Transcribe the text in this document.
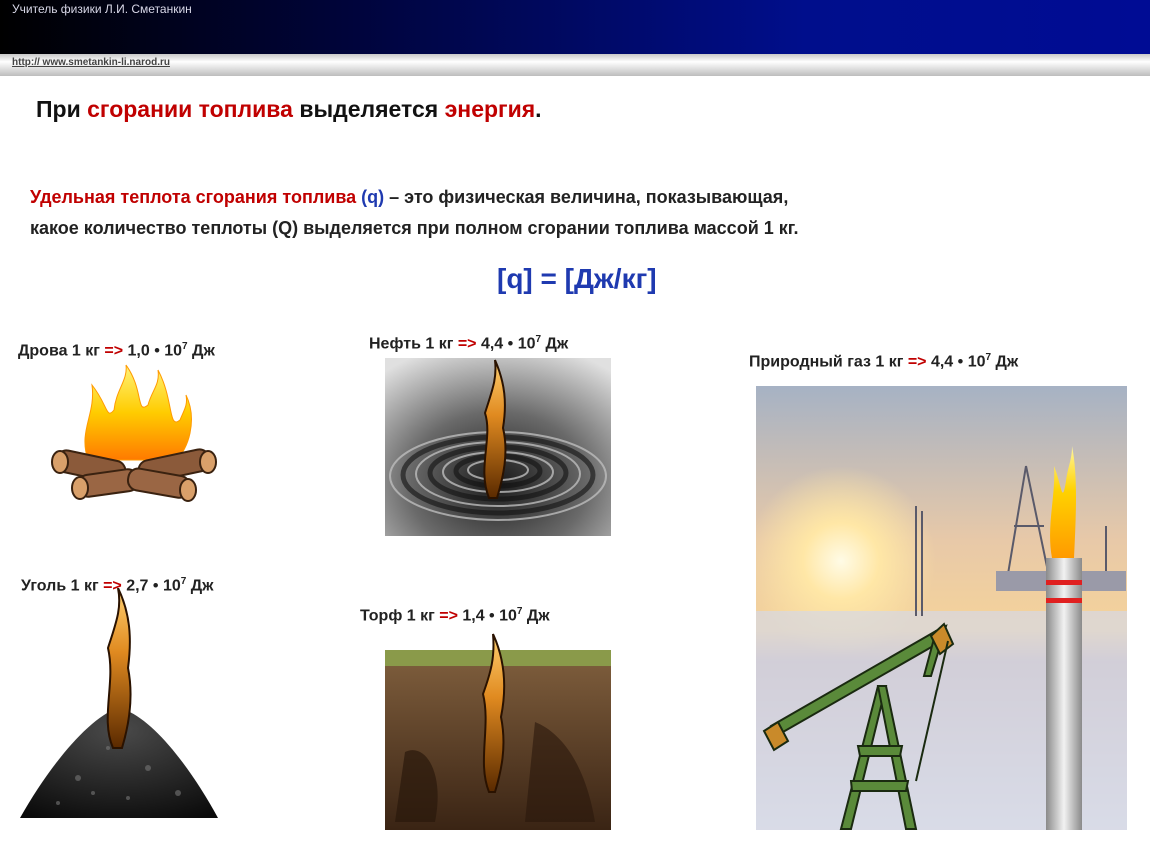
Учитель физики Л.И. Сметанкин
http:// www.smetankin-li.narod.ru
При сгорании топлива выделяется энергия.
Удельная теплота сгорания топлива (q) – это физическая величина, показывающая,
какое количество теплоты (Q) выделяется при полном сгорании топлива массой 1 кг.
[q] = [Дж/кг]
Дрова 1 кг => 1,0 • $10^7$ Дж	Нефть 1 кг => 4,4 • $10^7$ Дж
Природный газ 1 кг => 4,4 • $10^7$ Дж
Уголь 1 кг => 2,7 • $10^7$ Дж
Торф 1 кг => 1,4 • $10^7$ Дж
